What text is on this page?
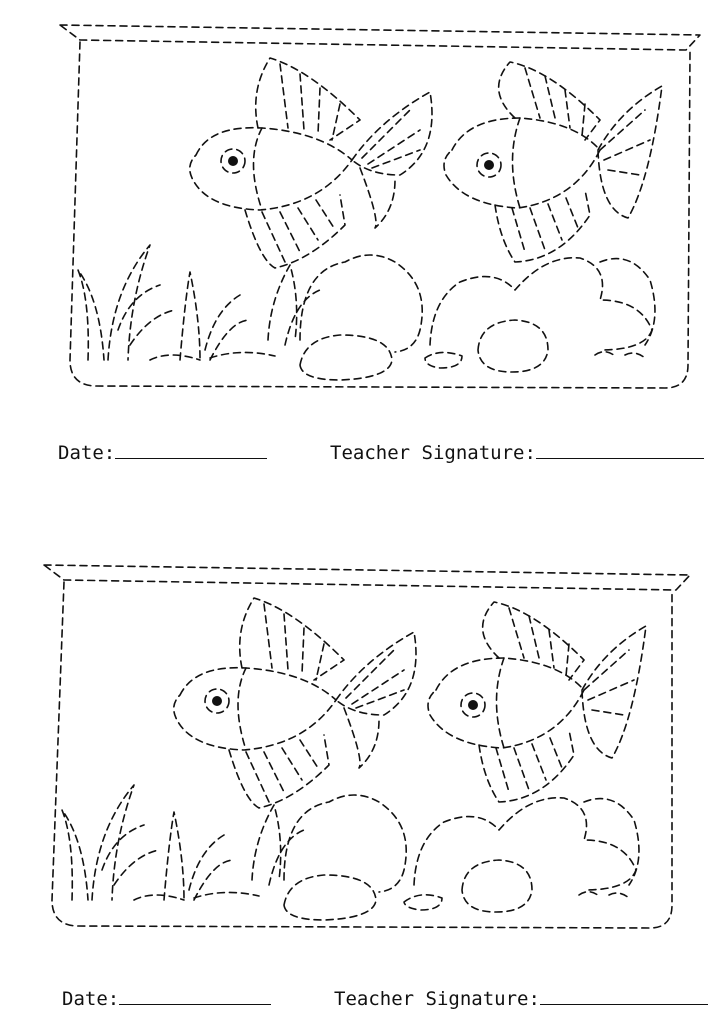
Date:	Teacher Signature:
Date:	Teacher Signature:
